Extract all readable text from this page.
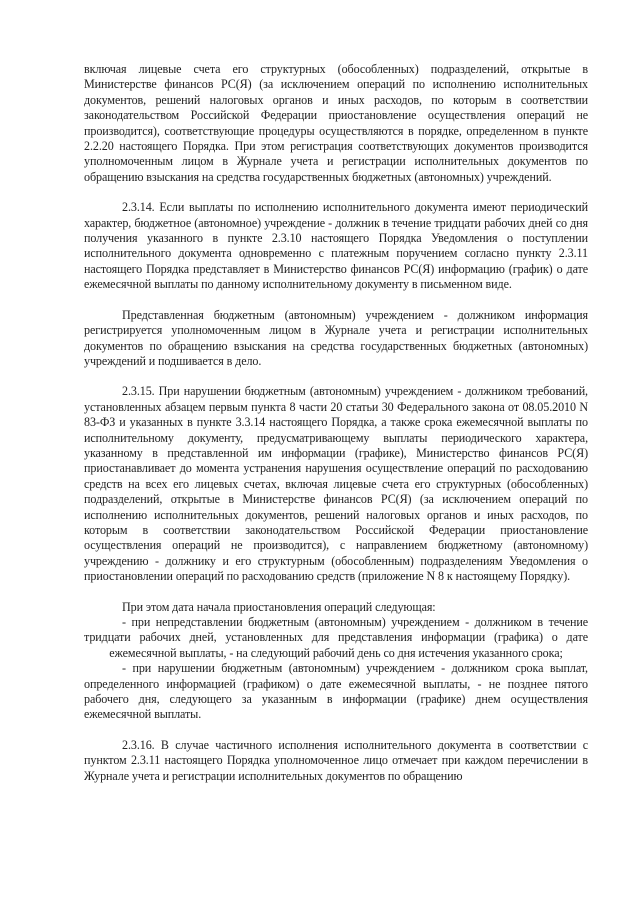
включая лицевые счета его структурных (обособленных) подразделений, открытые в Министерстве финансов РС(Я) (за исключением операций по исполнению исполнительных документов, решений налоговых органов и иных расходов, по которым в соответствии законодательством Российской Федерации приостановление осуществления операций не производится), соответствующие процедуры осуществляются в порядке, определенном в пункте 2.2.20 настоящего Порядка. При этом регистрация соответствующих документов производится уполномоченным лицом в Журнале учета и регистрации исполнительных документов по обращению взыскания на средства государственных бюджетных (автономных) учреждений.

2.3.14. Если выплаты по исполнению исполнительного документа имеют периодический характер, бюджетное (автономное) учреждение - должник в течение тридцати рабочих дней со дня получения указанного в пункте 2.3.10 настоящего Порядка Уведомления о поступлении исполнительного документа одновременно с платежным поручением согласно пункту 2.3.11 настоящего Порядка представляет в Министерство финансов РС(Я) информацию (график) о дате ежемесячной выплаты по данному исполнительному документу в письменном виде.

Представленная бюджетным (автономным) учреждением - должником информация регистрируется уполномоченным лицом в Журнале учета и регистрации исполнительных документов по обращению взыскания на средства государственных бюджетных (автономных) учреждений и подшивается в дело.

2.3.15. При нарушении бюджетным (автономным) учреждением - должником требований, установленных абзацем первым пункта 8 части 20 статьи 30 Федерального закона от 08.05.2010 N 83-ФЗ и указанных в пункте 3.3.14 настоящего Порядка, а также срока ежемесячной выплаты по исполнительному документу, предусматривающему выплаты периодического характера, указанному в представленной им информации (графике), Министерство финансов РС(Я) приостанавливает до момента устранения нарушения осуществление операций по расходованию средств на всех его лицевых счетах, включая лицевые счета его структурных (обособленных) подразделений, открытые в Министерстве финансов РС(Я) (за исключением операций по исполнению исполнительных документов, решений налоговых органов и иных расходов, по которым в соответствии законодательством Российской Федерации приостановление осуществления операций не производится), с направлением бюджетному (автономному) учреждению - должнику и его структурным (обособленным) подразделениям Уведомления о приостановлении операций по расходованию средств (приложение N 8 к настоящему Порядку).

При этом дата начала приостановления операций следующая:

- при непредставлении бюджетным (автономным) учреждением - должником в течение тридцати рабочих дней, установленных для представления информации (графика) о дате ежемесячной выплаты, - на следующий рабочий день со дня истечения указанного срока;

- при нарушении бюджетным (автономным) учреждением - должником срока выплат, определенного информацией (графиком) о дате ежемесячной выплаты, - не позднее пятого рабочего дня, следующего за указанным в информации (графике) днем осуществления ежемесячной выплаты.

2.3.16. В случае частичного исполнения исполнительного документа в соответствии с пунктом 2.3.11 настоящего Порядка уполномоченное лицо отмечает при каждом перечислении в Журнале учета и регистрации исполнительных документов по обращению
